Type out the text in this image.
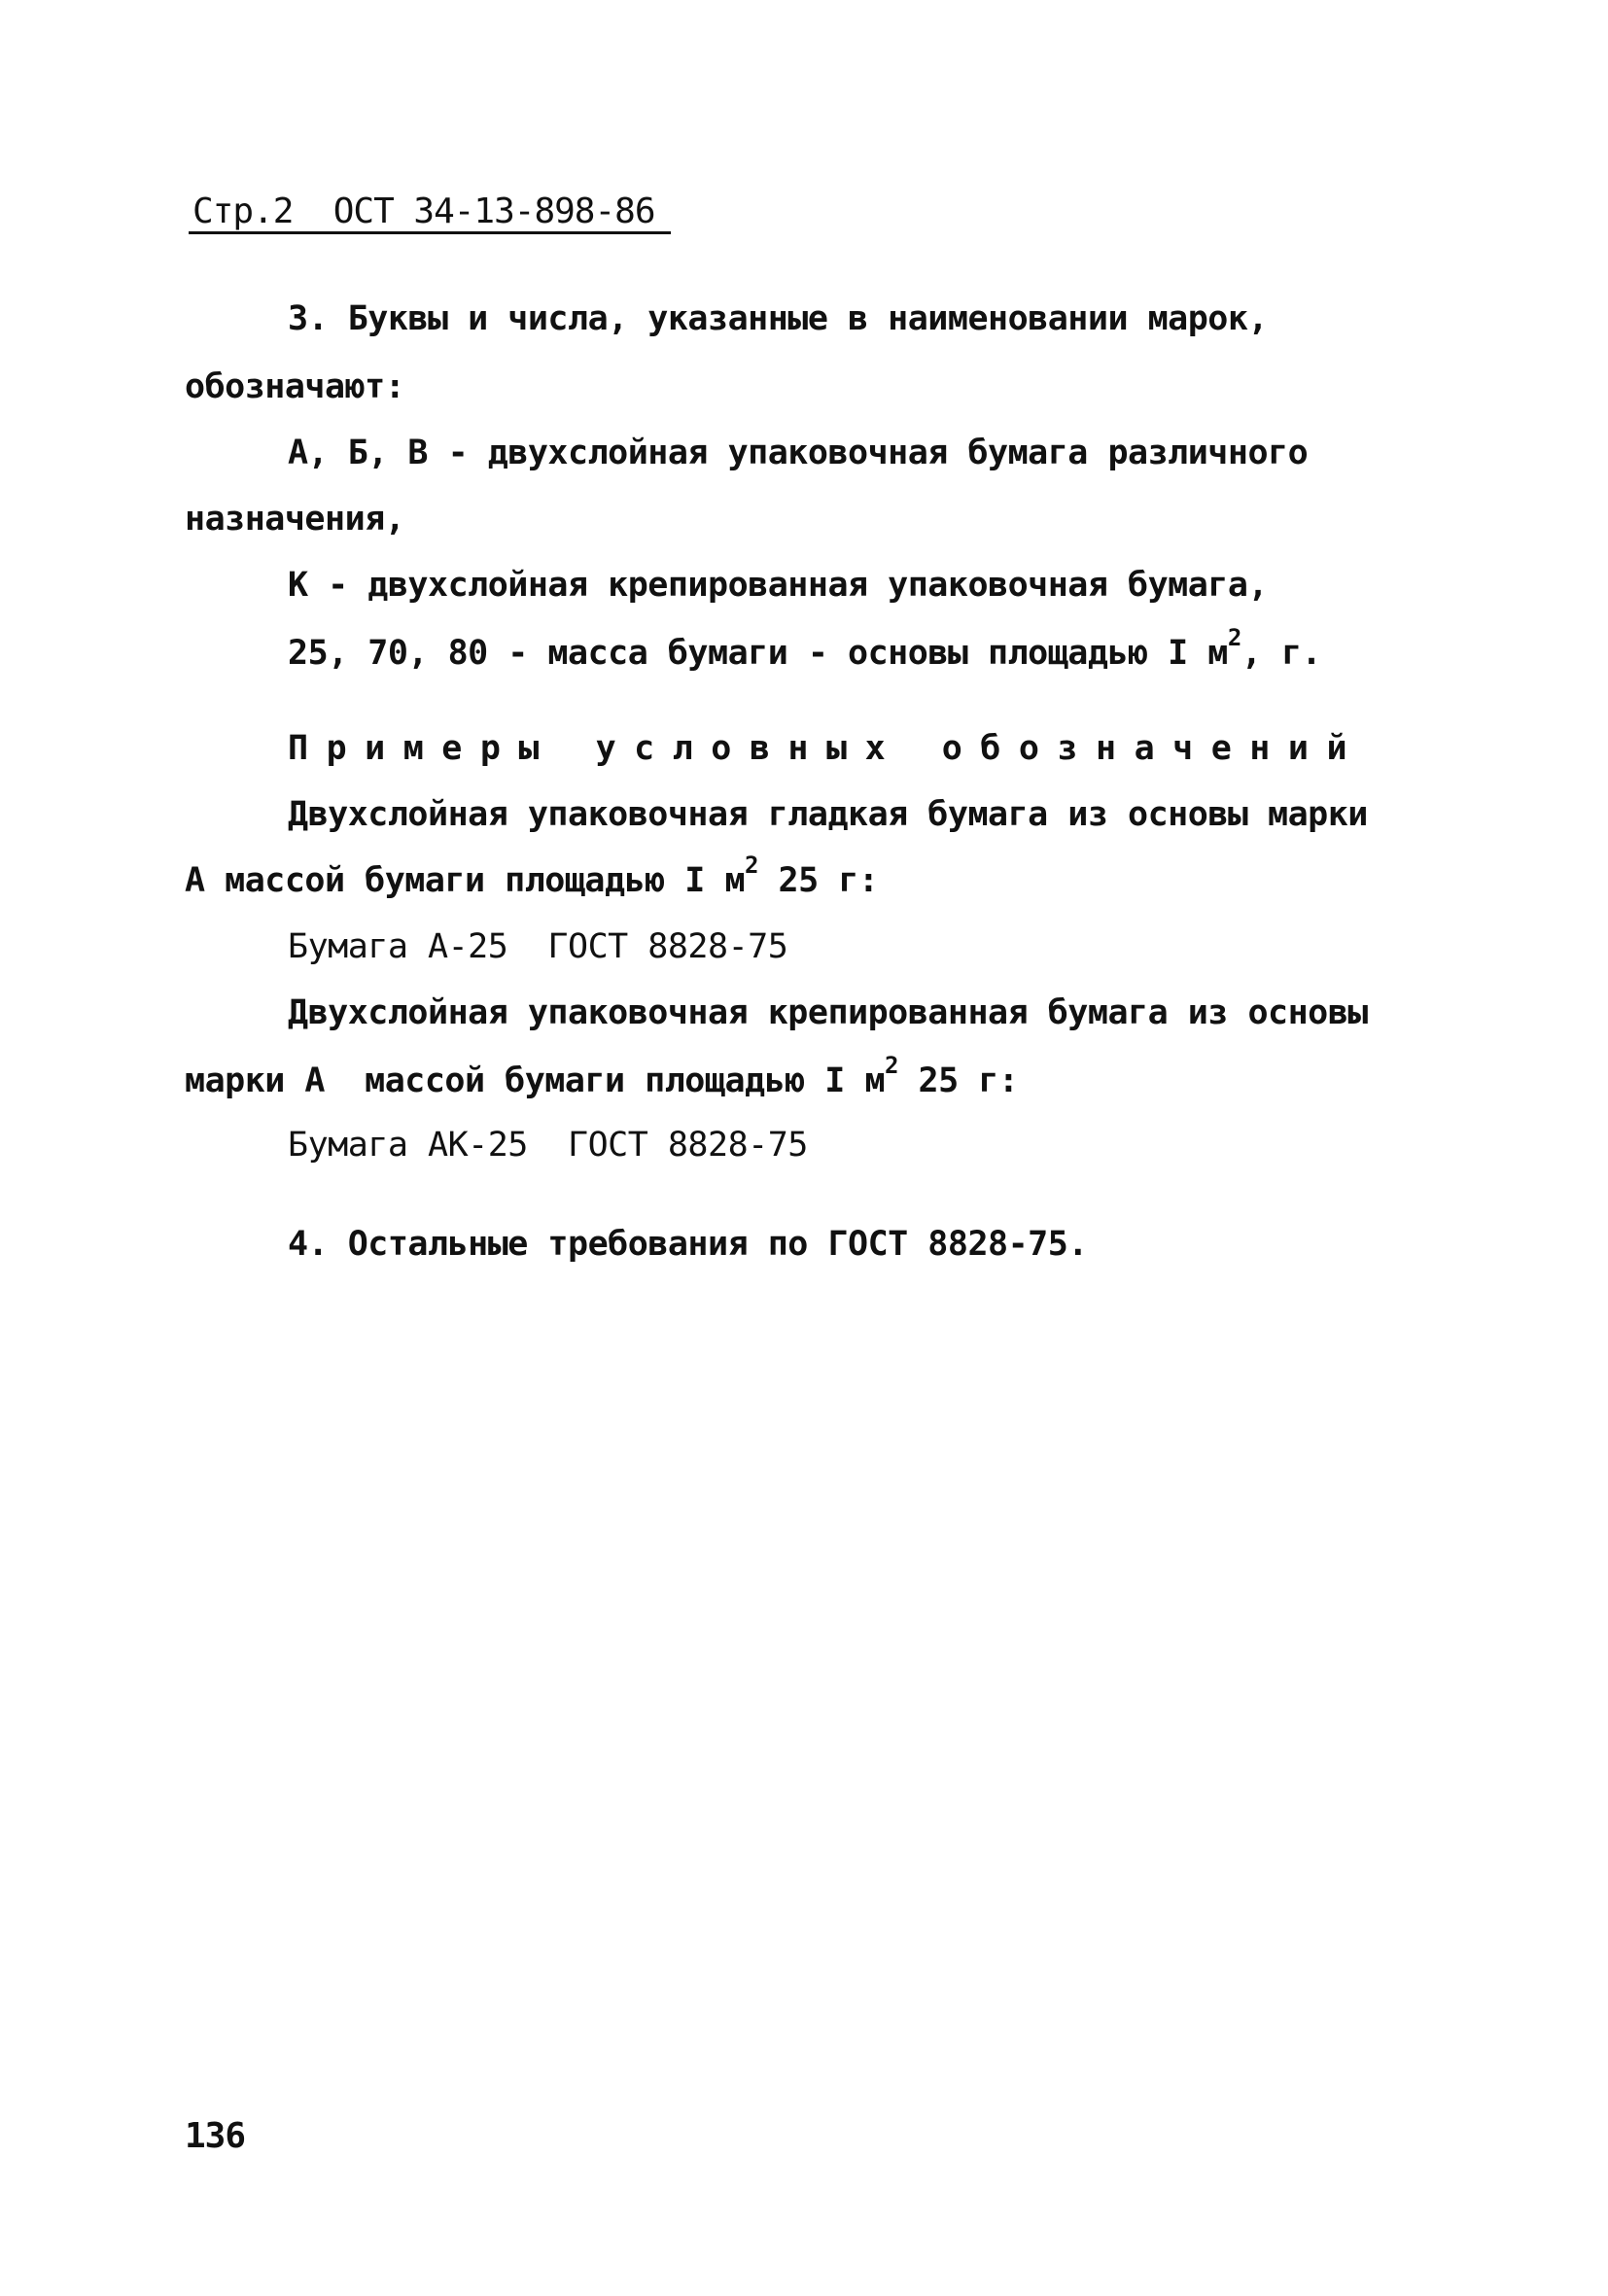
Стр.2  ОСТ 34-13-898-86
3. Буквы и числа, указанные в наименовании марок,
обозначают:
А, Б, В - двухслойная упаковочная бумага различного
назначения,
К - двухслойная крепированная упаковочная бумага,
25, 70, 80 - масса бумаги - основы площадью I $м^2$, г.
Примеры условных обозначений
Двухслойная упаковочная гладкая бумага из основы марки
А массой бумаги площадью I $м^2$ 25 г:
Бумага А-25  ГОСТ 8828-75
Двухслойная упаковочная крепированная бумага из основы
марки А  массой бумаги площадью I $м^2$ 25 г:
Бумага АК-25  ГОСТ 8828-75
4. Остальные требования по ГОСТ 8828-75.
136
